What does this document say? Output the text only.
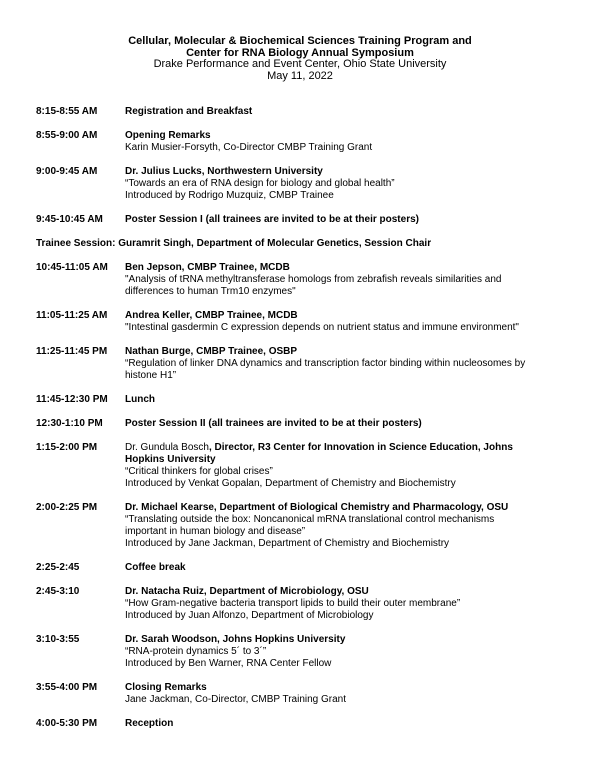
Cellular, Molecular & Biochemical Sciences Training Program and
Center for RNA Biology Annual Symposium
Drake Performance and Event Center, Ohio State University
May 11, 2022
8:15-8:55 AM	Registration and Breakfast
8:55-9:00 AM	Opening Remarks
Karin Musier-Forsyth, Co-Director CMBP Training Grant
9:00-9:45 AM	Dr. Julius Lucks, Northwestern University
“Towards an era of RNA design for biology and global health”
Introduced by Rodrigo Muzquiz, CMBP Trainee
9:45-10:45 AM	Poster Session I (all trainees are invited to be at their posters)
Trainee Session: Guramrit Singh, Department of Molecular Genetics, Session Chair
10:45-11:05 AM	Ben Jepson, CMBP Trainee, MCDB
"Analysis of tRNA methyltransferase homologs from zebrafish reveals similarities and
differences to human Trm10 enzymes"
11:05-11:25 AM	Andrea Keller, CMBP Trainee, MCDB
"Intestinal gasdermin C expression depends on nutrient status and immune environment"
11:25-11:45 PM	Nathan Burge, CMBP Trainee, OSBP
“Regulation of linker DNA dynamics and transcription factor binding within nucleosomes by
histone H1”
11:45-12:30 PM	Lunch
12:30-1:10 PM	Poster Session II (all trainees are invited to be at their posters)
1:15-2:00 PM	Dr. Gundula Bosch, Director, R3 Center for Innovation in Science Education, Johns
Hopkins University
“Critical thinkers for global crises”
Introduced by Venkat Gopalan, Department of Chemistry and Biochemistry
2:00-2:25 PM	Dr. Michael Kearse, Department of Biological Chemistry and Pharmacology, OSU
“Translating outside the box: Noncanonical mRNA translational control mechanisms
important in human biology and disease”
Introduced by Jane Jackman, Department of Chemistry and Biochemistry
2:25-2:45	Coffee break
2:45-3:10	Dr. Natacha Ruiz, Department of Microbiology, OSU
“How Gram-negative bacteria transport lipids to build their outer membrane”
Introduced by Juan Alfonzo, Department of Microbiology
3:10-3:55	Dr. Sarah Woodson, Johns Hopkins University
“RNA-protein dynamics 5´ to 3´”
Introduced by Ben Warner, RNA Center Fellow
3:55-4:00 PM	Closing Remarks
Jane Jackman, Co-Director, CMBP Training Grant
4:00-5:30 PM	Reception
